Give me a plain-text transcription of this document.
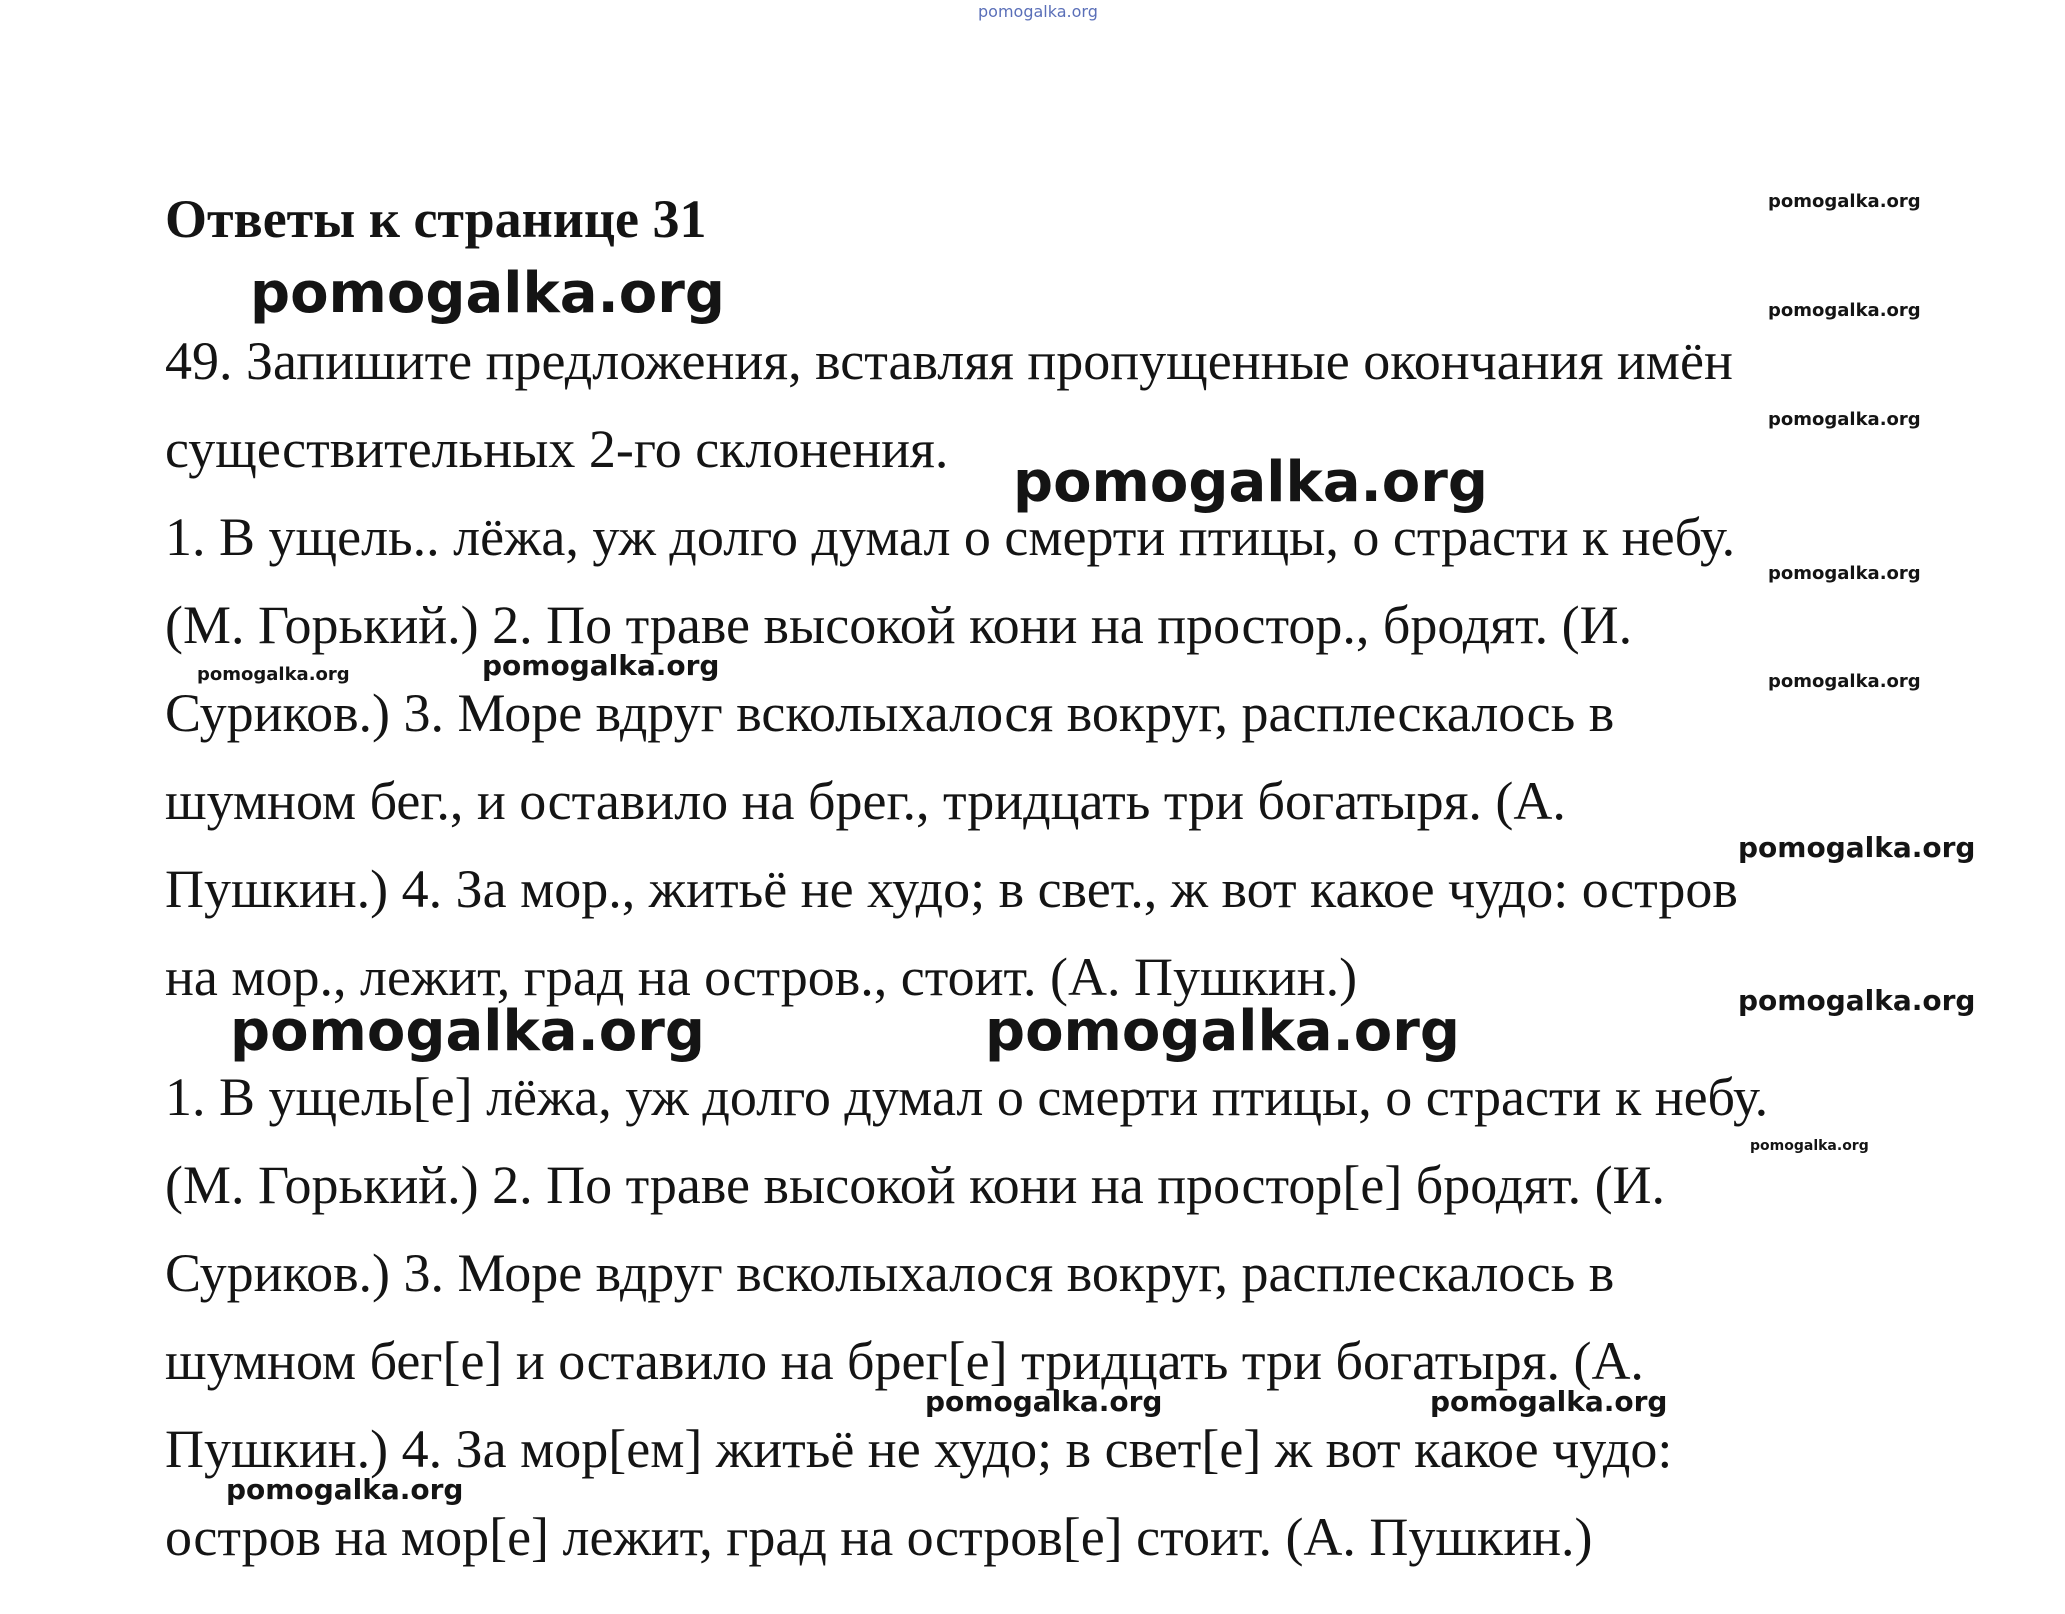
pomogalka.org
Ответы к странице 31
49. Запишите предложения, вставляя пропущенные окончания имён
существительных 2-го склонения.
1. В ущель.. лёжа, уж долго думал о смерти птицы, о страсти к небу.
(М. Горький.) 2. По траве высокой кони на простор., бродят. (И.
Суриков.) 3. Море вдруг всколыхалося вокруг, расплескалось в
шумном бег., и оставило на брег., тридцать три богатыря. (А.
Пушкин.) 4. За мор., житьё не худо; в свет., ж вот какое чудо: остров
на мор., лежит, град на остров., стоит. (А. Пушкин.)
1. В ущель[е] лёжа, уж долго думал о смерти птицы, о страсти к небу.
(М. Горький.) 2. По траве высокой кони на простор[е] бродят. (И.
Суриков.) 3. Море вдруг всколыхалося вокруг, расплескалось в
шумном бег[е] и оставило на брег[е] тридцать три богатыря. (А.
Пушкин.) 4. За мор[ем] житьё не худо; в свет[е] ж вот какое чудо:
остров на мор[е] лежит, град на остров[е] стоит. (А. Пушкин.)
pomogalka.org
pomogalka.org
pomogalka.org	pomogalka.org
pomogalka.org
pomogalka.org
pomogalka.org
pomogalka.org	pomogalka.org
pomogalka.org
pomogalka.org
pomogalka.org
pomogalka.org
pomogalka.org
pomogalka.org
pomogalka.org
pomogalka.org
